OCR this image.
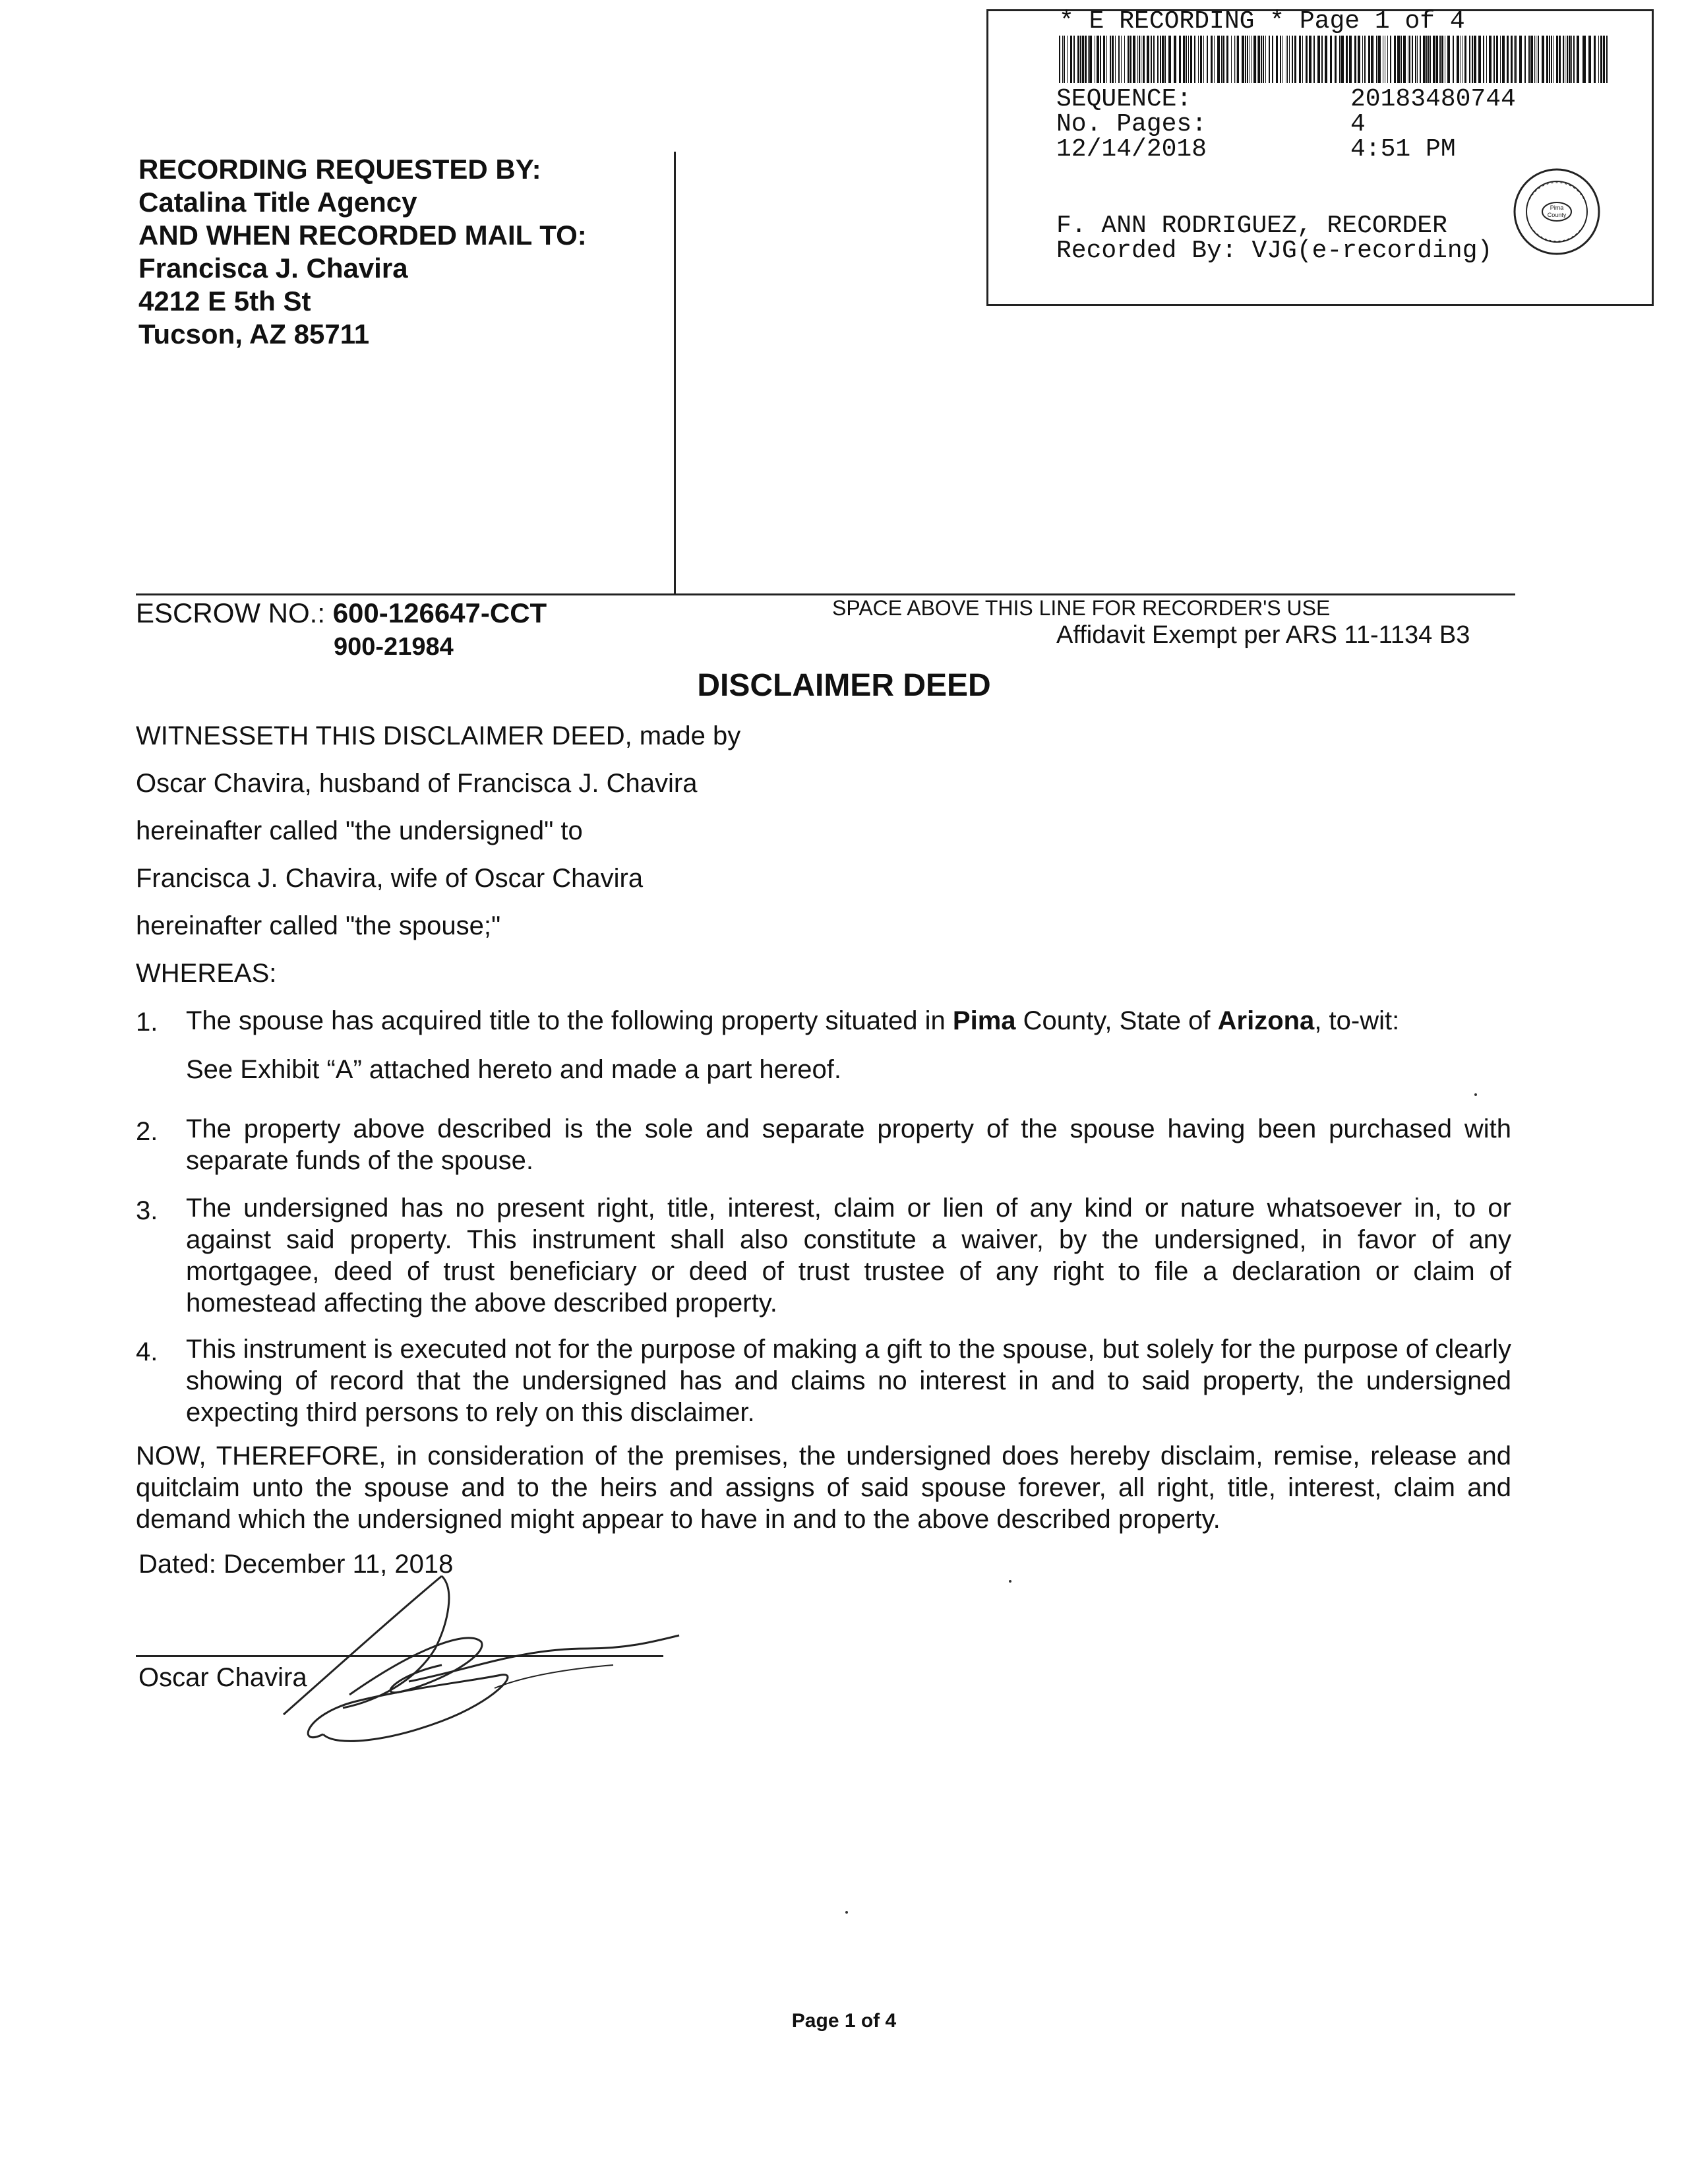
* E RECORDING * Page 1 of 4
SEQUENCE:	20183480744
No. Pages:	4
12/14/2018	4:51 PM
F. ANN RODRIGUEZ, RECORDER
Recorded By: VJG(e-recording)
Pima
County
RECORDING REQUESTED BY:
Catalina Title Agency
AND WHEN RECORDED MAIL TO:
Francisca J. Chavira
4212 E 5th St
Tucson, AZ 85711
ESCROW NO.: 600-126647-CCT
900-21984
SPACE ABOVE THIS LINE FOR RECORDER'S USE
Affidavit Exempt per ARS 11-1134 B3
DISCLAIMER DEED
WITNESSETH THIS DISCLAIMER DEED, made by
Oscar Chavira, husband of Francisca J. Chavira
hereinafter called "the undersigned" to
Francisca J. Chavira, wife of Oscar Chavira
hereinafter called "the spouse;"
WHEREAS:
1. The spouse has acquired title to the following property situated in Pima County, State of Arizona, to-wit:
See Exhibit “A” attached hereto and made a part hereof.
2. The property above described is the sole and separate property of the spouse having been purchased with separate funds of the spouse.
3. The undersigned has no present right, title, interest, claim or lien of any kind or nature whatsoever in, to or against said property. This instrument shall also constitute a waiver, by the undersigned, in favor of any mortgagee, deed of trust beneficiary or deed of trust trustee of any right to file a declaration or claim of homestead affecting the above described property.
4. This instrument is executed not for the purpose of making a gift to the spouse, but solely for the purpose of clearly showing of record that the undersigned has and claims no interest in and to said property, the undersigned expecting third persons to rely on this disclaimer.
NOW, THEREFORE, in consideration of the premises, the undersigned does hereby disclaim, remise, release and quitclaim unto the spouse and to the heirs and assigns of said spouse forever, all right, title, interest, claim and demand which the undersigned might appear to have in and to the above described property.
Dated: December 11, 2018
Oscar Chavira
Page 1 of 4
